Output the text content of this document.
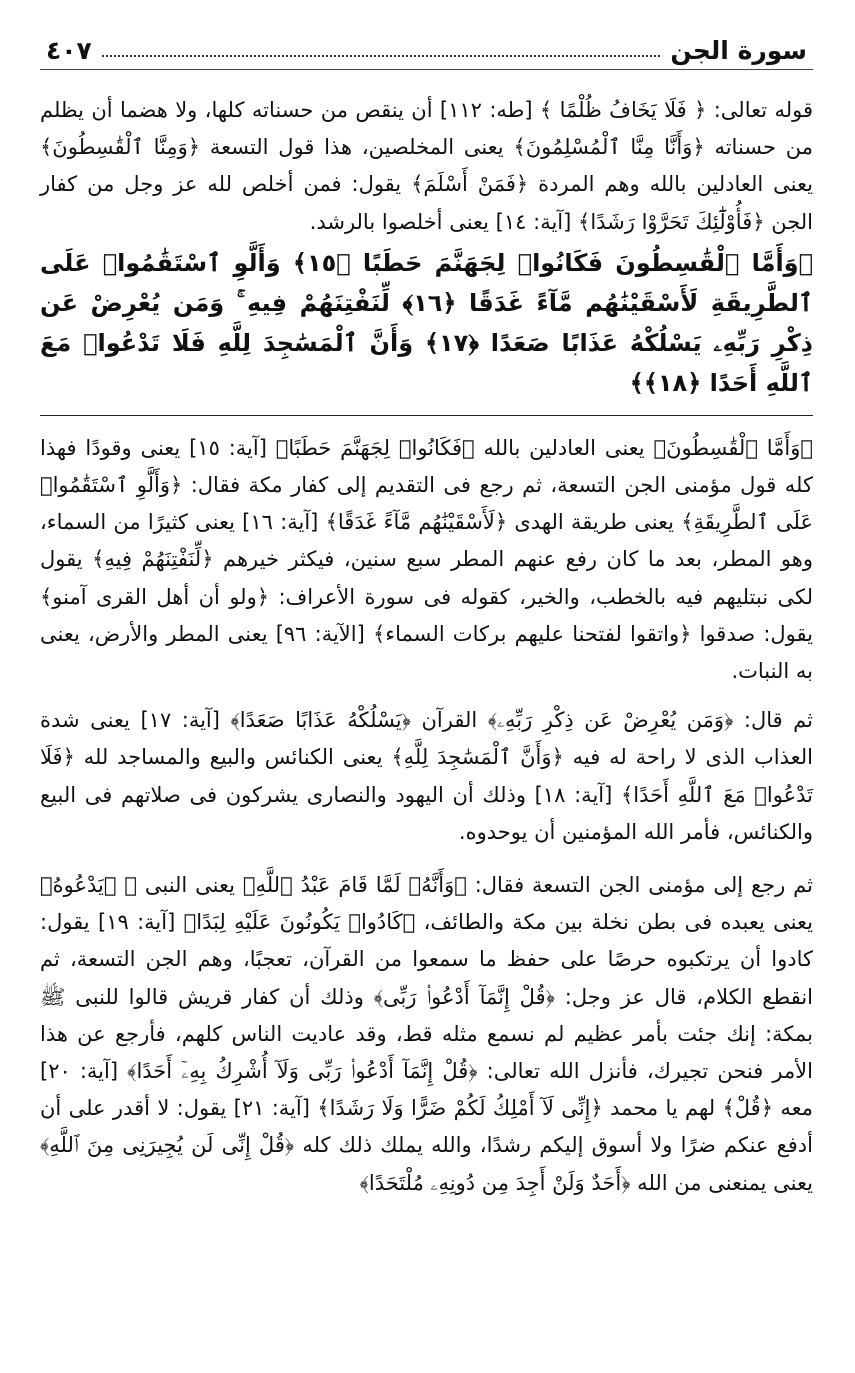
سورة الجن
٤٠٧

قوله تعالى: ﴿ فَلَا يَخَافُ ظُلْمًا ﴾ [طه: ١١٢] أن ينقص من حسناته كلها، ولا هضما أن يظلم من حسناته ﴿وَأَنَّا مِنَّا ٱلْمُسْلِمُونَ﴾ يعنى المخلصين، هذا قول التسعة ﴿وَمِنَّا ٱلْقَٰسِطُونَ﴾ يعنى العادلين بالله وهم المردة ﴿فَمَنْ أَسْلَمَ﴾ يقول: فمن أخلص لله عز وجل من كفار الجن ﴿فَأُوْلَٰٓئِكَ تَحَرَّوْا رَشَدًا﴾ [آية: ١٤] يعنى أخلصوا بالرشد.

﴿وَأَمَّا ٱلْقَٰسِطُونَ فَكَانُوا۟ لِجَهَنَّمَ حَطَبًا ﴿١٥﴾ وَأَلَّوِ ٱسْتَقَٰمُوا۟ عَلَى ٱلطَّرِيقَةِ لَأَسْقَيْنَٰهُم مَّآءً غَدَقًا ﴿١٦﴾ لِّنَفْتِنَهُمْ فِيهِ ۚ وَمَن يُعْرِضْ عَن ذِكْرِ رَبِّهِۦ يَسْلُكْهُ عَذَابًا صَعَدًا ﴿١٧﴾ وَأَنَّ ٱلْمَسَٰجِدَ لِلَّهِ فَلَا تَدْعُوا۟ مَعَ ٱللَّهِ أَحَدًا ﴿١٨﴾﴾

﴿وَأَمَّا ٱلْقَٰسِطُونَ﴾ يعنى العادلين بالله ﴿فَكَانُوا۟ لِجَهَنَّمَ حَطَبًا﴾ [آية: ١٥] يعنى وقودًا فهذا كله قول مؤمنى الجن التسعة، ثم رجع فى التقديم إلى كفار مكة فقال: ﴿وَأَلَّوِ ٱسْتَقَٰمُوا۟ عَلَى ٱلطَّرِيقَةِ﴾ يعنى طريقة الهدى ﴿لَأَسْقَيْنَٰهُم مَّآءً غَدَقًا﴾ [آية: ١٦] يعنى كثيرًا من السماء، وهو المطر، بعد ما كان رفع عنهم المطر سبع سنين، فيكثر خيرهم ﴿لِّنَفْتِنَهُمْ فِيهِ﴾ يقول لكى نبتليهم فيه بالخطب، والخير، كقوله فى سورة الأعراف: ﴿ولو أن أهل القرى آمنو﴾ يقول: صدقوا ﴿واتقوا لفتحنا عليهم بركات السماء﴾ [الآية: ٩٦] يعنى المطر والأرض، يعنى به النبات.

ثم قال: ﴿وَمَن يُعْرِضْ عَن ذِكْرِ رَبِّهِۦ﴾ القرآن ﴿يَسْلُكْهُ عَذَابًا صَعَدًا﴾ [آية: ١٧] يعنى شدة العذاب الذى لا راحة له فيه ﴿وَأَنَّ ٱلْمَسَٰجِدَ لِلَّهِ﴾ يعنى الكنائس والبيع والمساجد لله ﴿فَلَا تَدْعُوا۟ مَعَ ٱللَّهِ أَحَدًا﴾ [آية: ١٨] وذلك أن اليهود والنصارى يشركون فى صلاتهم فى البيع والكنائس، فأمر الله المؤمنين أن يوحدوه.

ثم رجع إلى مؤمنى الجن التسعة فقال: ﴿وَأَنَّهُۥ لَمَّا قَامَ عَبْدُ ٱللَّهِ﴾ يعنى النبى ﷺ ﴿يَدْعُوهُ﴾ يعنى يعبده فى بطن نخلة بين مكة والطائف، ﴿كَادُوا۟ يَكُونُونَ عَلَيْهِ لِبَدًا﴾ [آية: ١٩] يقول: كادوا أن يرتكبوه حرصًا على حفظ ما سمعوا من القرآن، تعجبًا، وهم الجن التسعة، ثم انقطع الكلام، قال عز وجل: ﴿قُلْ إِنَّمَآ أَدْعُوا۟ رَبِّى﴾ وذلك أن كفار قريش قالوا للنبى ﷺ بمكة: إنك جئت بأمر عظيم لم نسمع مثله قط، وقد عاديت الناس كلهم، فأرجع عن هذا الأمر فنحن تجيرك، فأنزل الله تعالى: ﴿قُلْ إِنَّمَآ أَدْعُوا۟ رَبِّى وَلَآ أُشْرِكُ بِهِۦٓ أَحَدًا﴾ [آية: ٢٠] معه ﴿قُلْ﴾ لهم يا محمد ﴿إِنِّى لَآ أَمْلِكُ لَكُمْ ضَرًّا وَلَا رَشَدًا﴾ [آية: ٢١] يقول: لا أقدر على أن أدفع عنكم ضرًا ولا أسوق إليكم رشدًا، والله يملك ذلك كله ﴿قُلْ إِنِّى لَن يُجِيرَنِى مِنَ ٱللَّهِ﴾ يعنى يمنعنى من الله ﴿أَحَدٌ وَلَنْ أَجِدَ مِن دُونِهِۦ مُلْتَحَدًا﴾
